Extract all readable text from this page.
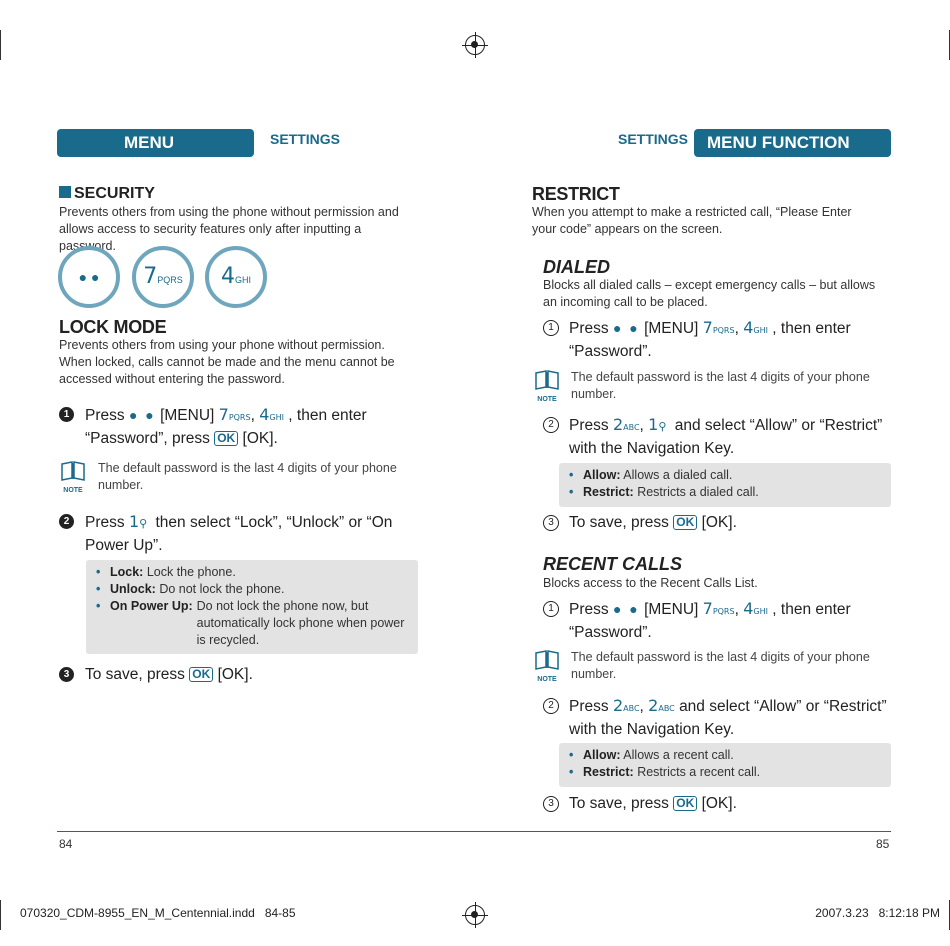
MENU FUNCTION
SETTINGS	SETTINGS MENU FUNCTION
SECURITY
Prevents others from using the phone without permission and allows access to security features only after inputting a password.
● ●	7PQRS	4GHI
LOCK MODE
Prevents others from using your phone without permission. When locked, calls cannot be made and the menu cannot be accessed without entering the password.
1	Press ● ● [MENU] 7PQRS, 4GHI , then enter “Password”, press OK [OK].
NOTE
The default password is the last 4 digits of your phone number.
2	Press 1⚲ then select “Lock”, “Unlock” or “On Power Up”.
• Lock: Lock the phone.
• Unlock: Do not lock the phone.
• On Power Up: Do not lock the phone now, but automatically lock phone when power is recycled.
3	To save, press OK [OK].
RESTRICT
When you attempt to make a restricted call, “Please Enter your code” appears on the screen.
DIALED
Blocks all dialed calls – except emergency calls – but allows an incoming call to be placed.
1 Press ● ● [MENU] 7PQRS, 4GHI , then enter “Password”.
NOTE
The default password is the last 4 digits of your phone number.
2 Press 2ABC, 1⚲ and select “Allow” or “Restrict” with the Navigation Key.
• Allow: Allows a dialed call.
• Restrict: Restricts a dialed call.
3 To save, press OK [OK].
RECENT CALLS
Blocks access to the Recent Calls List.
1 Press ● ● [MENU] 7PQRS, 4GHI , then enter “Password”.
NOTE
The default password is the last 4 digits of your phone number.
2 Press 2ABC, 2ABC and select “Allow” or “Restrict” with the Navigation Key.
• Allow: Allows a recent call.
• Restrict: Restricts a recent call.
3 To save, press OK [OK].
84	85
070320_CDM-8955_EN_M_Centennial.indd   84-85	2007.3.23   8:12:18 PM
